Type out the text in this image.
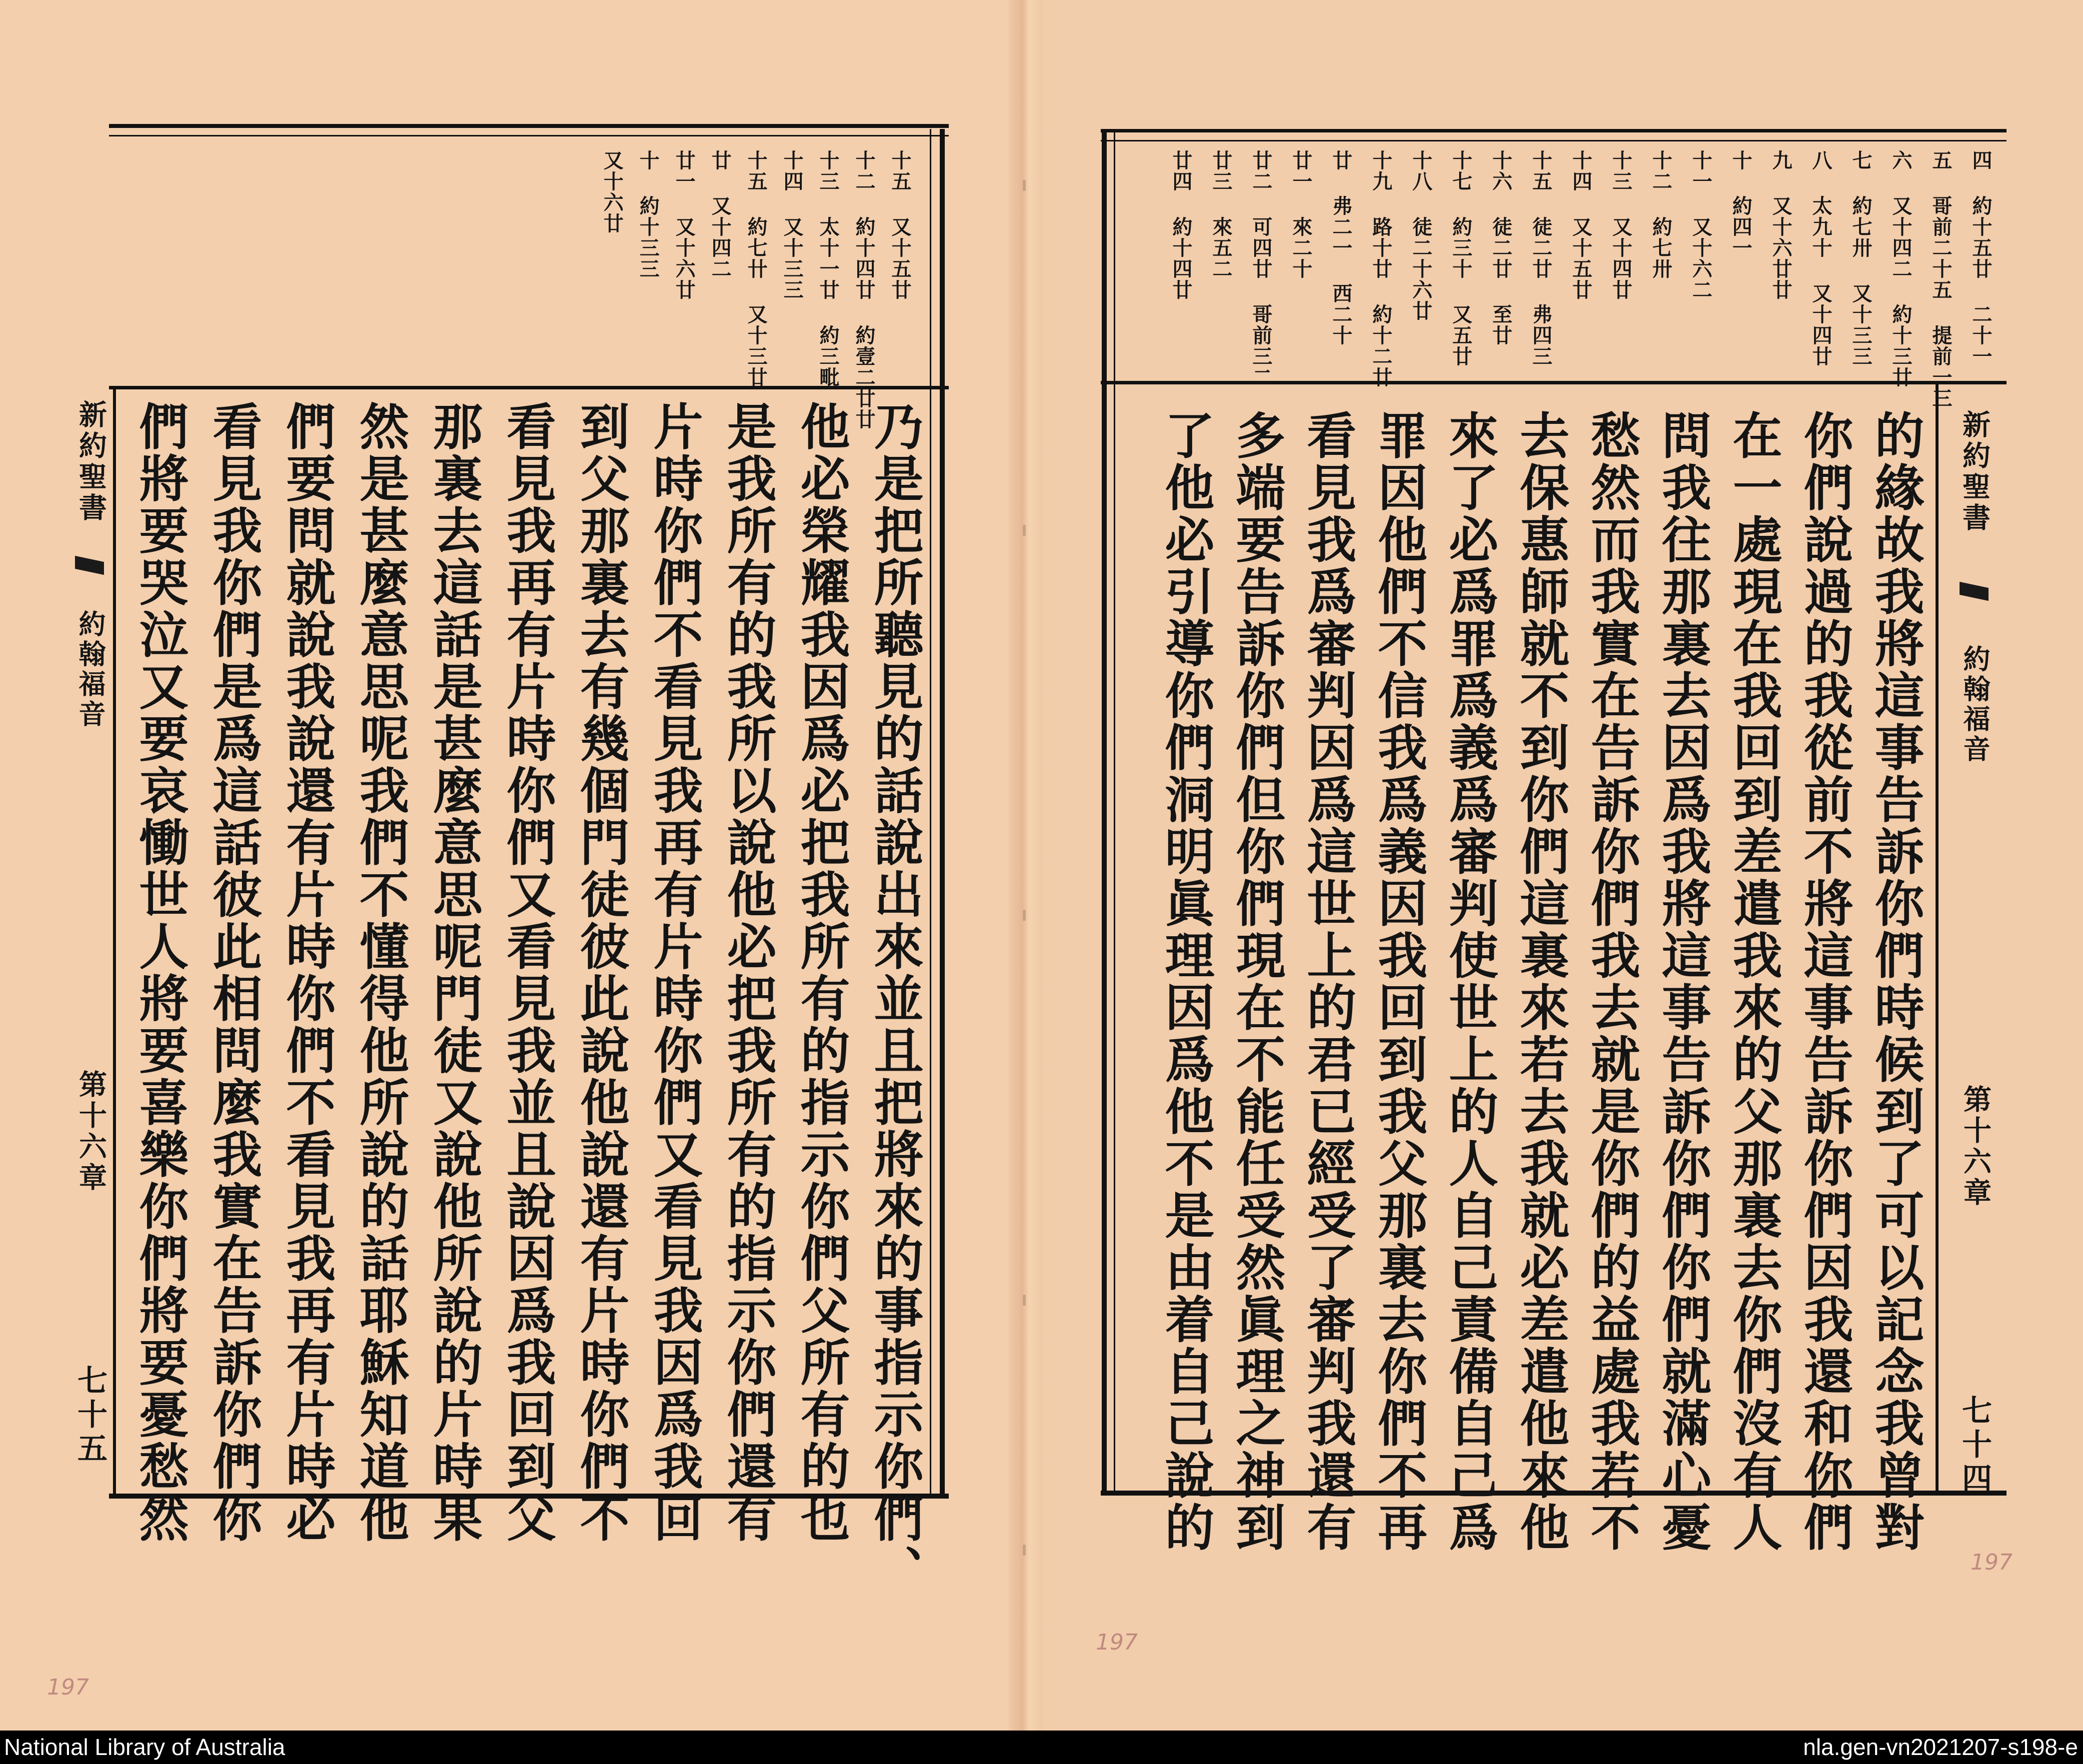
十五 又十五廿
十二 約十四廿 約壹二廿廿
十三 太十一廿 約三毗
十四 又十三三
十五 約七卄 又十三廿
廿 又十四二
廿一 又十六廿
十 約十三三
又十六廿
乃是把所聽見的話說出來並且把將來的事指示你們、
他必榮耀我因爲必把我所有的指示你們父所有的也
是我所有的我所以說他必把我所有的指示你們還有
片時你們不看見我再有片時你們又看見我因爲我回
到父那裏去有幾個門徒彼此說他說還有片時你們不
看見我再有片時你們又看見我並且說因爲我回到父
那裏去這話是甚麼意思呢門徒又說他所說的片時果
然是甚麼意思呢我們不懂得他所說的話耶穌知道他
們要問就說我說還有片時你們不看見我再有片時必
看見我你們是爲這話彼此相問麼我實在告訴你們你
們將要哭泣又要哀慟世人將要喜樂你們將要憂愁然
新約聖書
約翰福音
第十六章
七十五
197
四 約十五廿 二十一
五 哥前二十五 提前一三
六 又十四二 約十三廿
七 約七卅 又十三三
八 太九十 又十四廿
九 又十六廿廿
十 約四一
十一 又十六二
十二 約七卅
十三 又十四廿
十四 又十五廿
十五 徒二廿 弗四三
十六 徒二廿 至廿
十七 約三十 又五廿
十八 徒二十六廿
十九 路十廿 約十二廿
廿 弗二一 西二十
廿一 來二十
廿二 可四廿 哥前三二
廿三 來五二
廿四 約十四廿
的緣故我將這事告訴你們時候到了可以記念我曾對
你們說過的我從前不將這事告訴你們因我還和你們
在一處現在我回到差遣我來的父那裏去你們沒有人
問我往那裏去因爲我將這事告訴你們你們就滿心憂
愁然而我實在告訴你們我去就是你們的益處我若不
去保惠師就不到你們這裏來若去我就必差遣他來他
來了必爲罪爲義爲審判使世上的人自己責備自己爲
罪因他們不信我爲義因我回到我父那裏去你們不再
看見我爲審判因爲這世上的君已經受了審判我還有
多端要告訴你們但你們現在不能任受然眞理之神到
了他必引導你們洞明眞理因爲他不是由着自己說的	新約聖書
約翰福音
第十六章
七十四
197
197
National Library of Australia	nla.gen-vn2021207-s198-e
